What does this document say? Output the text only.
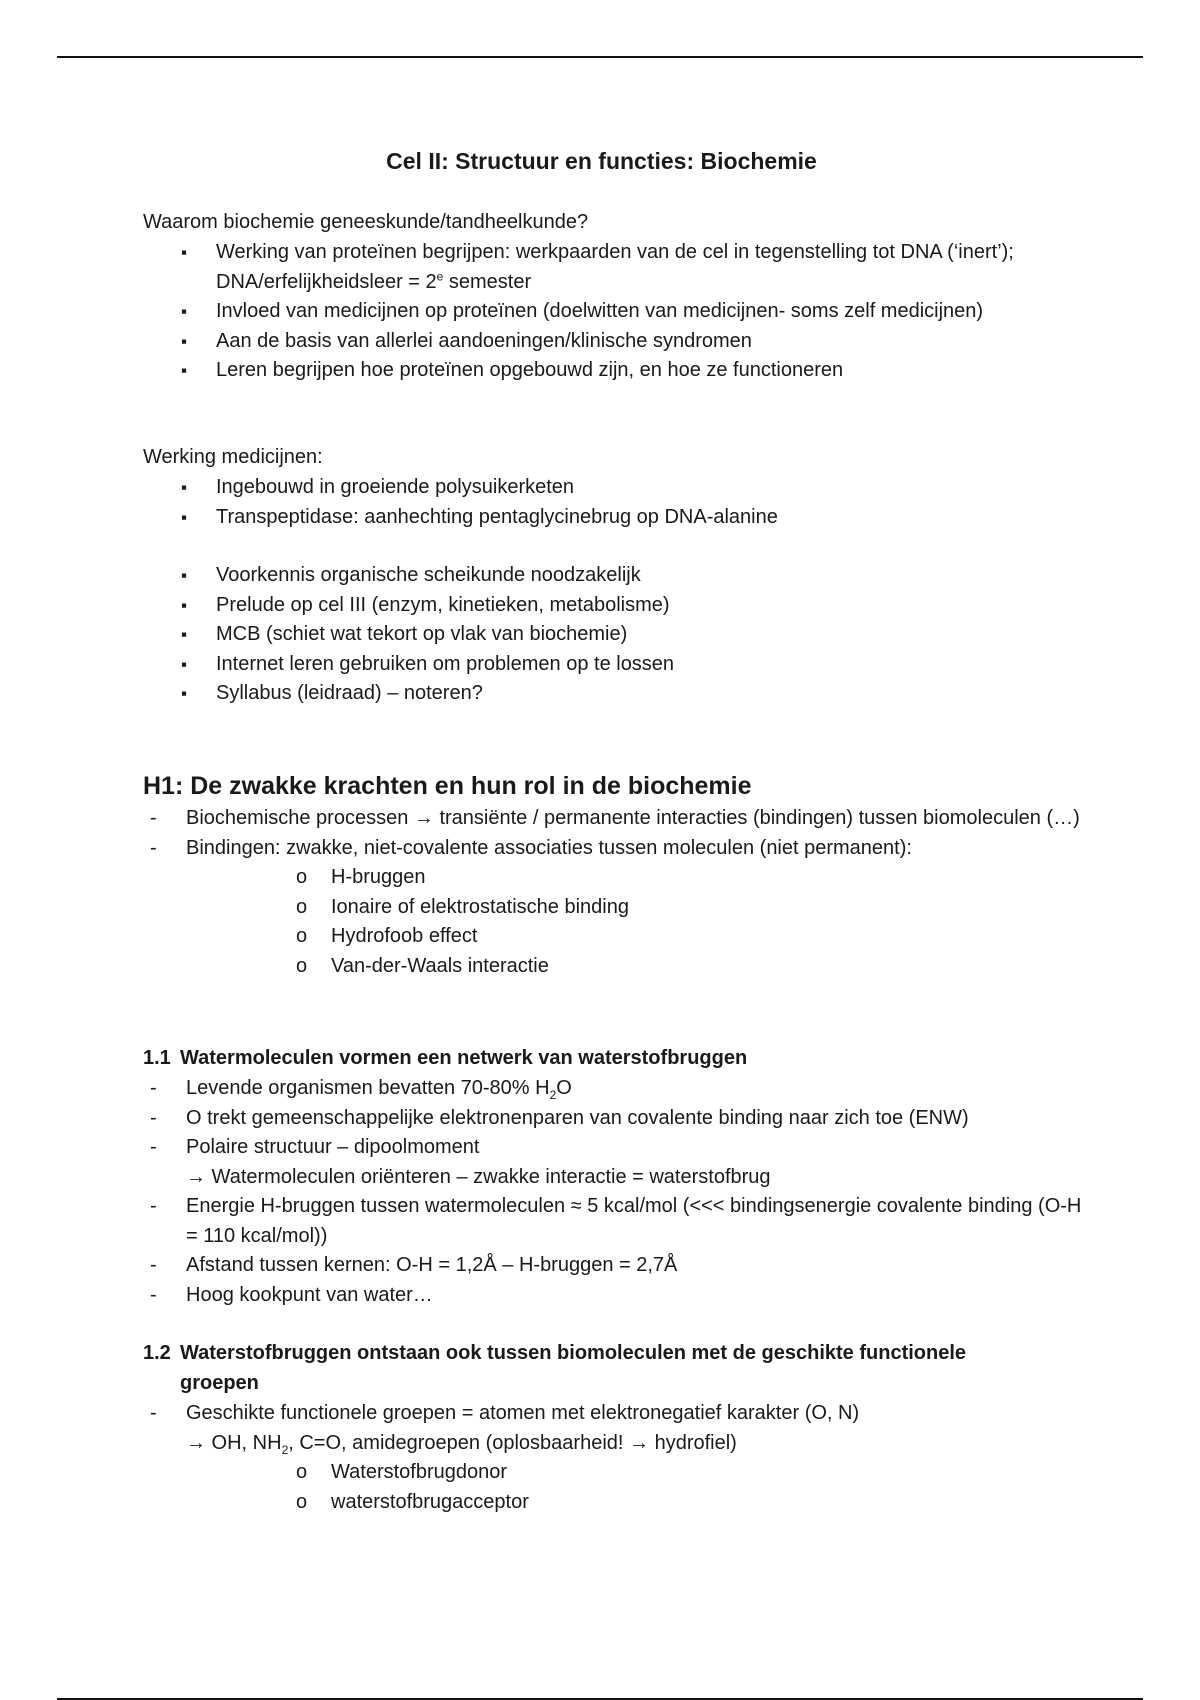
Cel II: Structuur en functies: Biochemie

Waarom biochemie geneeskunde/tandheelkunde?

▪ Werking van proteïnen begrijpen: werkpaarden van de cel in tegenstelling tot DNA (‘inert’); DNA/erfelijkheidsleer = $2^e$ semester
▪ Invloed van medicijnen op proteïnen (doelwitten van medicijnen- soms zelf medicijnen)
▪ Aan de basis van allerlei aandoeningen/klinische syndromen
▪ Leren begrijpen hoe proteïnen opgebouwd zijn, en hoe ze functioneren

Werking medicijnen:

▪ Ingebouwd in groeiende polysuikerketen
▪ Transpeptidase: aanhechting pentaglycinebrug op DNA-alanine
▪ Voorkennis organische scheikunde noodzakelijk
▪ Prelude op cel III (enzym, kinetieken, metabolisme)
▪ MCB (schiet wat tekort op vlak van biochemie)
▪ Internet leren gebruiken om problemen op te lossen
▪ Syllabus (leidraad) – noteren?
H1: De zwakke krachten en hun rol in de biochemie
- Biochemische processen → transiënte / permanente interacties (bindingen) tussen biomoleculen (…)
- Bindingen: zwakke, niet-covalente associaties tussen moleculen (niet permanent):
o H-bruggen
o Ionaire of elektrostatische binding
o Hydrofoob effect
o Van-der-Waals interactie
1.1 Watermoleculen vormen een netwerk van waterstofbruggen
- Levende organismen bevatten 70-80% $H_2O$
- O trekt gemeenschappelijke elektronenparen van covalente binding naar zich toe (ENW)
- Polaire structuur – dipoolmoment
→ Watermoleculen oriënteren – zwakke interactie = waterstofbrug
- Energie H-bruggen tussen watermoleculen ≈ 5 kcal/mol (<<< bindingsenergie covalente binding (O-H = 110 kcal/mol))
- Afstand tussen kernen: O-H = 1,2Å – H-bruggen = 2,7Å
- Hoog kookpunt van water…
1.2 Waterstofbruggen ontstaan ook tussen biomoleculen met de geschikte functionele
groepen
- Geschikte functionele groepen = atomen met elektronegatief karakter (O, N)
→ OH, $NH_2$, C=O, amidegroepen (oplosbaarheid! → hydrofiel)
o Waterstofbrugdonor
o waterstofbrugacceptor
